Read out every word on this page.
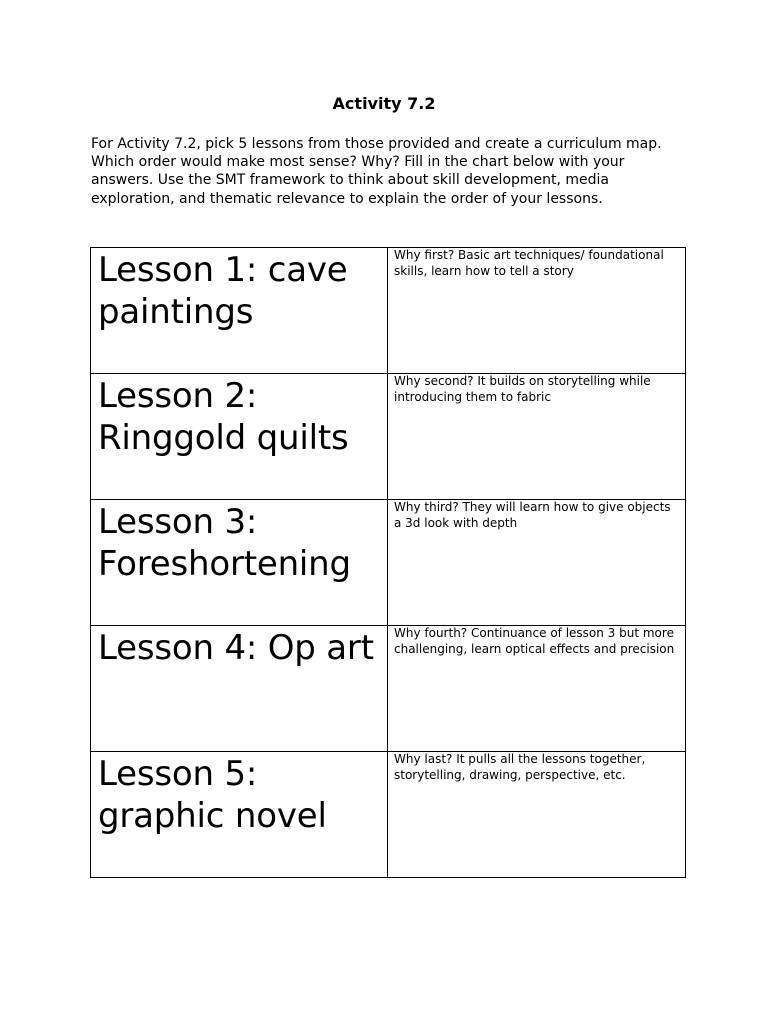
Activity 7.2
For Activity 7.2, pick 5 lessons from those provided and create a curriculum map. Which order would make most sense? Why? Fill in the chart below with your answers. Use the SMT framework to think about skill development, media exploration, and thematic relevance to explain the order of your lessons.
Lesson 1: cave paintings	Why first? Basic art techniques/ foundational skills, learn how to tell a story

Lesson 2: Ringgold quilts	Why second? It builds on storytelling while introducing them to fabric

Lesson 3: Foreshortening	Why third? They will learn how to give objects a 3d look with depth

Lesson 4: Op art	Why fourth? Continuance of lesson 3 but more challenging, learn optical effects and precision

Lesson 5: graphic novel	Why last? It pulls all the lessons together, storytelling, drawing, perspective, etc.
